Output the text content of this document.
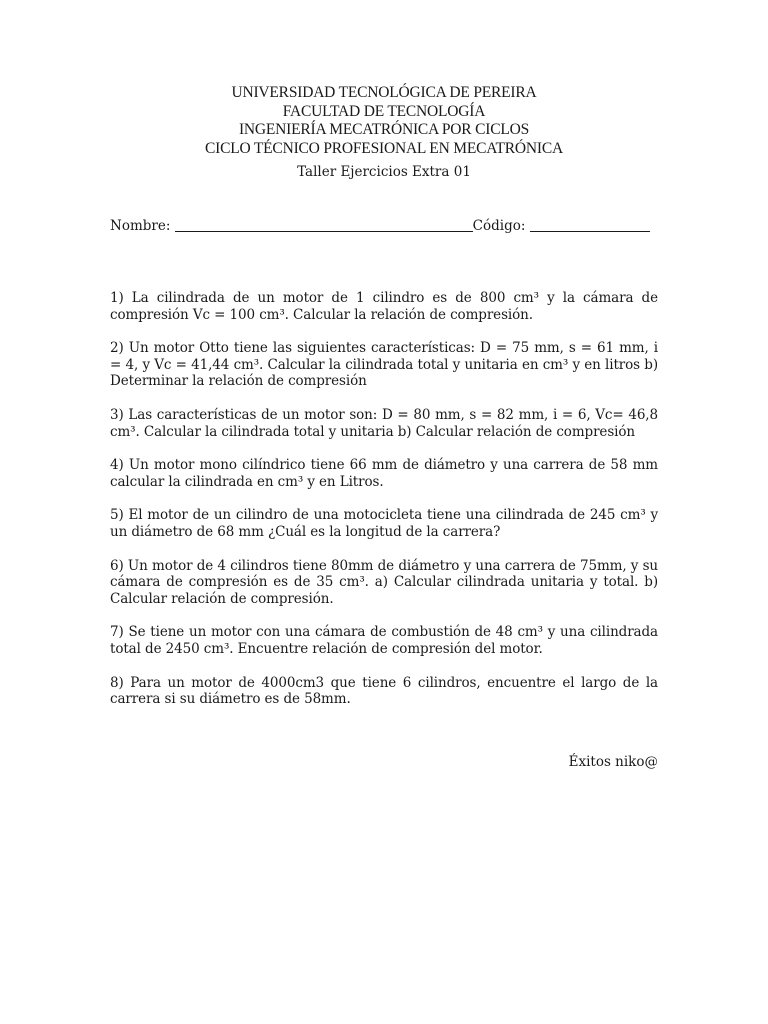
UNIVERSIDAD TECNOLÓGICA DE PEREIRA
FACULTAD DE TECNOLOGÍA
INGENIERÍA MECATRÓNICA POR CICLOS
CICLO TÉCNICO PROFESIONAL EN MECATRÓNICA
Taller Ejercicios Extra 01
Nombre:	Código:

1) La cilindrada de un motor de 1 cilindro es de 800 cm³ y la cámara de compresión Vc = 100 cm³. Calcular la relación de compresión.

2) Un motor Otto tiene las siguientes características: D = 75 mm, s = 61 mm, i = 4, y Vc = 41,44 cm³. Calcular la cilindrada total y unitaria en cm³ y en litros b) Determinar la relación de compresión

3) Las características de un motor son: D = 80 mm, s = 82 mm, i = 6, Vc= 46,8 cm³. Calcular la cilindrada total y unitaria b) Calcular relación de compresión

4) Un motor mono cilíndrico tiene 66 mm de diámetro y una carrera de 58 mm calcular la cilindrada en cm³ y en Litros.

5) El motor de un cilindro de una motocicleta tiene una cilindrada de 245 cm³ y un diámetro de 68 mm ¿Cuál es la longitud de la carrera?

6) Un motor de 4 cilindros tiene 80mm de diámetro y una carrera de 75mm, y su cámara de compresión es de 35 cm³. a) Calcular cilindrada unitaria y total. b) Calcular relación de compresión.

7) Se tiene un motor con una cámara de combustión de 48 cm³ y una cilindrada total de 2450 cm³. Encuentre relación de compresión del motor.

8) Para un motor de 4000cm3 que tiene 6 cilindros, encuentre el largo de la carrera si su diámetro es de 58mm.

Éxitos niko@
